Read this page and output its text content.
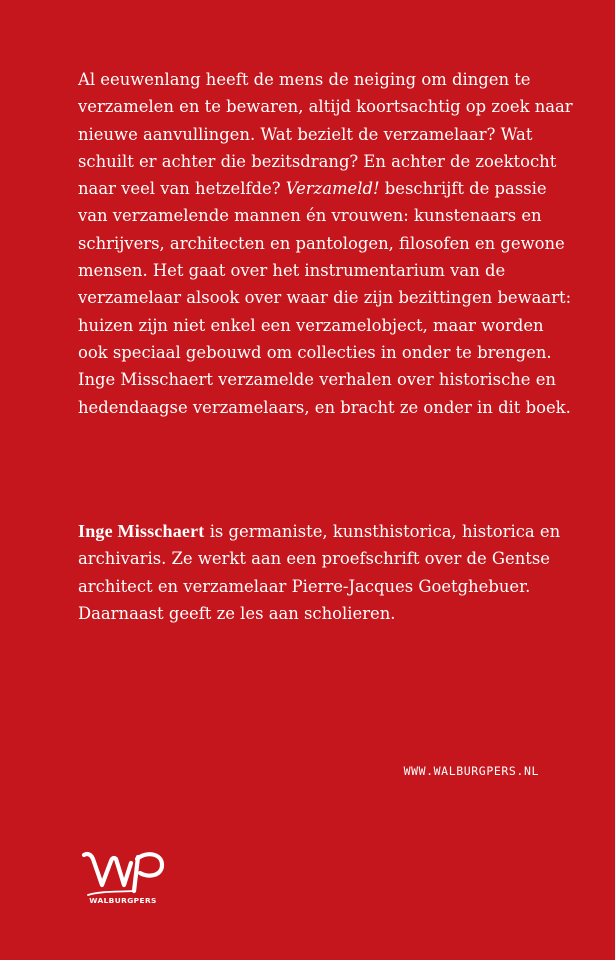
Al eeuwenlang heeft de mens de neiging om dingen te verzamelen en te bewaren, altijd koortsachtig op zoek naar nieuwe aanvullingen. Wat bezielt de verzamelaar? Wat schuilt er achter die bezitsdrang? En achter de zoektocht naar veel van hetzelfde? Verzameld! beschrijft de passie van verzamelende mannen én vrouwen: kunstenaars en schrijvers, architecten en pantologen, filosofen en gewone mensen. Het gaat over het instrumentarium van de verzamelaar alsook over waar die zijn bezittingen bewaart: huizen zijn niet enkel een verzamelobject, maar worden ook speciaal gebouwd om collecties in onder te brengen. Inge Misschaert verzamelde verhalen over historische en hedendaagse verzamelaars, en bracht ze onder in dit boek.

Inge Misschaert is germaniste, kunsthistorica, historica en archivaris. Ze werkt aan een proefschrift over de Gentse architect en verzamelaar Pierre-Jacques Goetghebuer. Daarnaast geeft ze les aan scholieren.

WWW.WALBURGPERS.NL
WALBURGPERS
